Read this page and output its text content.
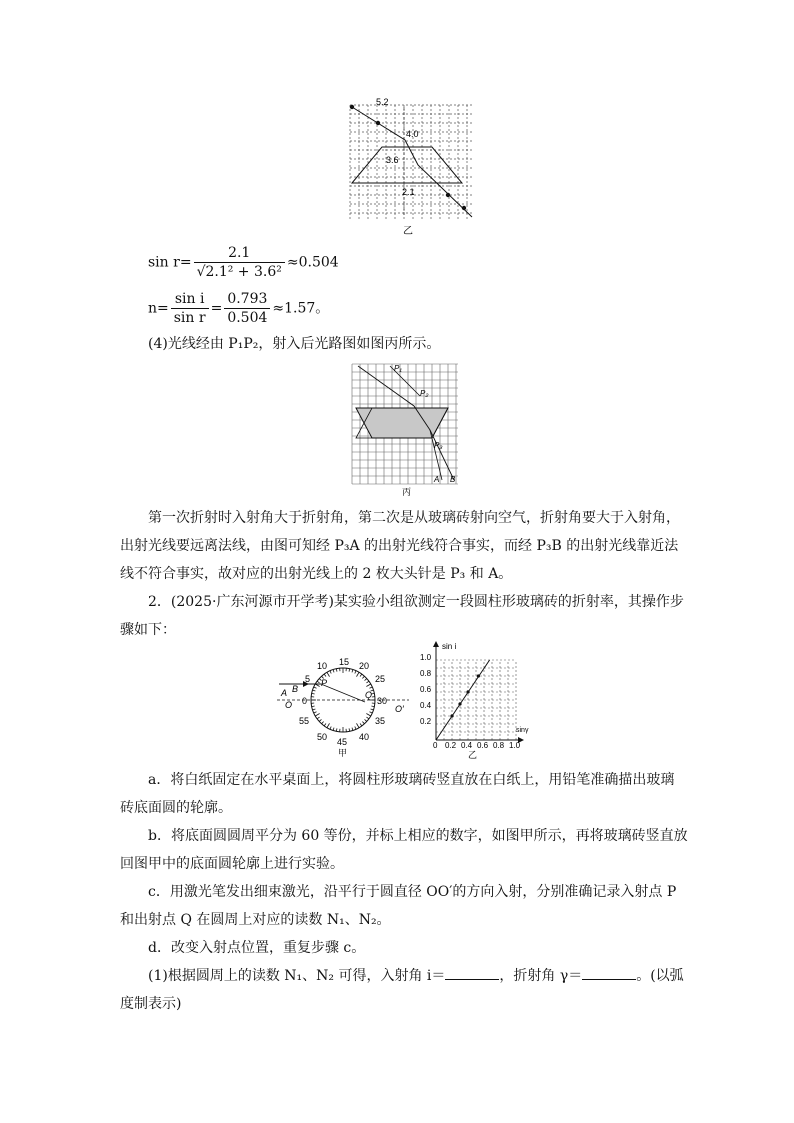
5.2
4.0
3.6
2.1
乙
$\sin r= \frac{2.1}{\text{√2.1² + 3.6²}} \approx 0.504$
$n= \frac{\text{sin i}}{\text{sin r}} = \frac{0.793}{0.504} \approx 1.57$。
(4)光线经由 P₁P₂，射入后光路图如图丙所示。
P₁
P₂
P₃
A B
丙
第一次折射时入射角大于折射角，第二次是从玻璃砖射向空气，折射角要大于入射角，
出射光线要远离法线，由图可知经 P₃A 的出射光线符合事实，而经 P₃B 的出射光线靠近法
线不符合事实，故对应的出射光线上的 2 枚大头针是 P₃ 和 A。
2．(2025·广东河源市开学考)某实验小组欲测定一段圆柱形玻璃砖的折射率，其操作步
骤如下：
A B
P
Q
O	O′
15
10	20
25
5
0	30
35
55
50 45 40
甲
sin i
sinγ
1.0
0.8
0.6
0.4
0.2
0 0.2 0.4 0.6 0.8 1.0
乙
a．将白纸固定在水平桌面上，将圆柱形玻璃砖竖直放在白纸上，用铅笔准确描出玻璃
砖底面圆的轮廓。
b．将底面圆圆周平分为 60 等份，并标上相应的数字，如图甲所示，再将玻璃砖竖直放
回图甲中的底面圆轮廓上进行实验。
c．用激光笔发出细束激光，沿平行于圆直径 OO′的方向入射，分别准确记录入射点 P
和出射点 Q 在圆周上对应的读数 N₁、N₂。
d．改变入射点位置，重复步骤 c。
(1)根据圆周上的读数 N₁、N₂ 可得，入射角 i＝	，折射角 γ＝	。(以弧
度制表示)
